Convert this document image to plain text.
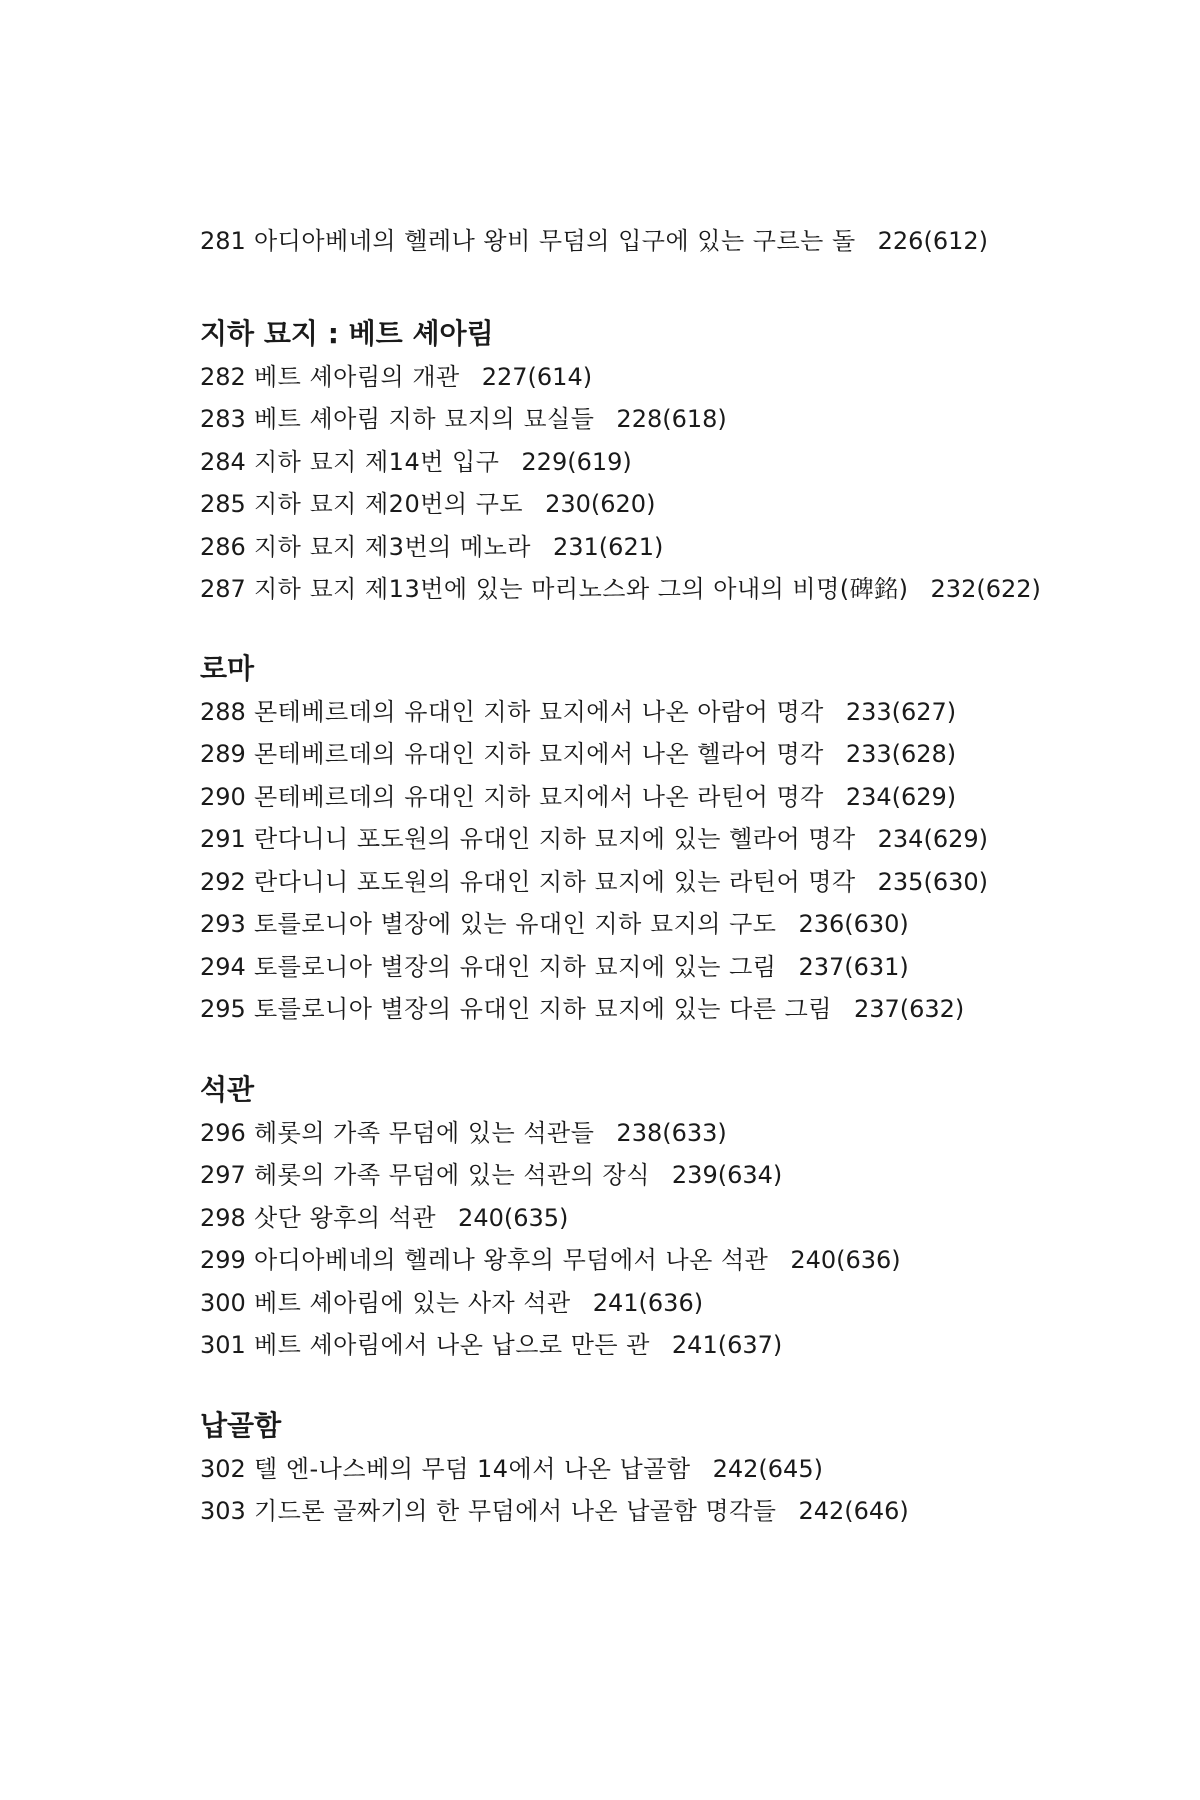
281 아디아베네의 헬레나 왕비 무덤의 입구에 있는 구르는 돌 226(612)
지하 묘지 : 베트 셰아림
282 베트 셰아림의 개관 227(614)
283 베트 셰아림 지하 묘지의 묘실들 228(618)
284 지하 묘지 제14번 입구 229(619)
285 지하 묘지 제20번의 구도 230(620)
286 지하 묘지 제3번의 메노라 231(621)
287 지하 묘지 제13번에 있는 마리노스와 그의 아내의 비명(碑銘) 232(622)
로마
288 몬테베르데의 유대인 지하 묘지에서 나온 아람어 명각 233(627)
289 몬테베르데의 유대인 지하 묘지에서 나온 헬라어 명각 233(628)
290 몬테베르데의 유대인 지하 묘지에서 나온 라틴어 명각 234(629)
291 란다니니 포도원의 유대인 지하 묘지에 있는 헬라어 명각 234(629)
292 란다니니 포도원의 유대인 지하 묘지에 있는 라틴어 명각 235(630)
293 토를로니아 별장에 있는 유대인 지하 묘지의 구도 236(630)
294 토를로니아 별장의 유대인 지하 묘지에 있는 그림 237(631)
295 토를로니아 별장의 유대인 지하 묘지에 있는 다른 그림 237(632)
석관
296 헤롯의 가족 무덤에 있는 석관들 238(633)
297 헤롯의 가족 무덤에 있는 석관의 장식 239(634)
298 삿단 왕후의 석관 240(635)
299 아디아베네의 헬레나 왕후의 무덤에서 나온 석관 240(636)
300 베트 셰아림에 있는 사자 석관 241(636)
301 베트 셰아림에서 나온 납으로 만든 관 241(637)
납골함
302 텔 엔-나스베의 무덤 14에서 나온 납골함 242(645)
303 기드론 골짜기의 한 무덤에서 나온 납골함 명각들 242(646)
